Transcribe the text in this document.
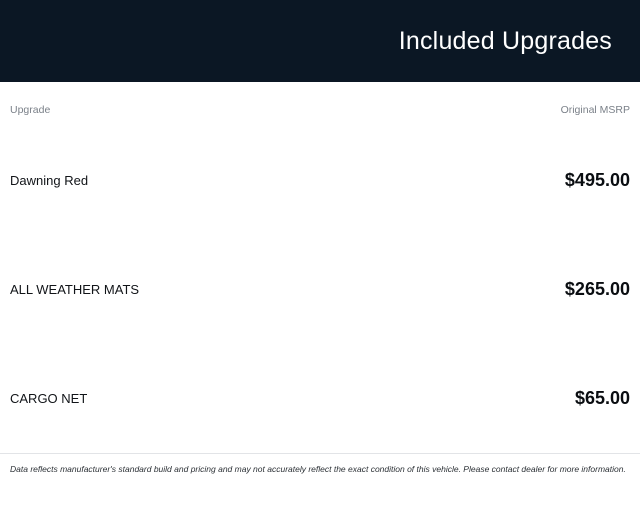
Included Upgrades
Upgrade	Original MSRP
Dawning Red	$495.00
ALL WEATHER MATS	$265.00
CARGO NET	$65.00
Data reflects manufacturer's standard build and pricing and may not accurately reflect the exact condition of this vehicle. Please contact dealer for more information.
